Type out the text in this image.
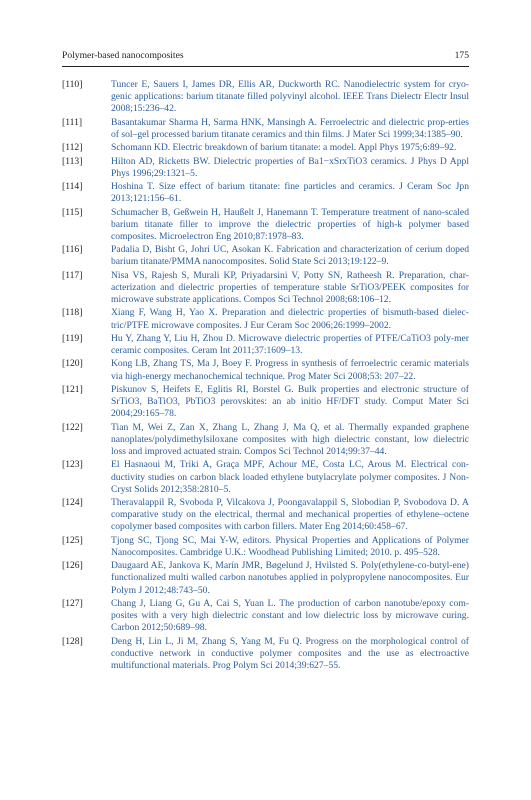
Polymer-based nanocomposites	175
[110]	Tuncer E, Sauers I, James DR, Ellis AR, Duckworth RC. Nanodielectric system for cryo-genic applications: barium titanate filled polyvinyl alcohol. IEEE Trans Dielectr Electr Insul 2008;15:236–42.
[111]	Basantakumar Sharma H, Sarma HNK, Mansingh A. Ferroelectric and dielectric prop-erties of sol–gel processed barium titanate ceramics and thin films. J Mater Sci 1999;34:1385–90.
[112]	Schomann KD. Electric breakdown of barium titanate: a model. Appl Phys 1975;6:89–92.
[113]	Hilton AD, Ricketts BW. Dielectric properties of Ba1−xSrxTiO3 ceramics. J Phys D Appl Phys 1996;29:1321–5.
[114]	Hoshina T. Size effect of barium titanate: fine particles and ceramics. J Ceram Soc Jpn 2013;121:156–61.
[115]	Schumacher B, Geßwein H, Haußelt J, Hanemann T. Temperature treatment of nano-scaled barium titanate filler to improve the dielectric properties of high-k polymer based composites. Microelectron Eng 2010;87:1978–83.
[116]	Padalia D, Bisht G, Johri UC, Asokan K. Fabrication and characterization of cerium doped barium titanate/PMMA nanocomposites. Solid State Sci 2013;19:122–9.
[117]	Nisa VS, Rajesh S, Murali KP, Priyadarsini V, Potty SN, Ratheesh R. Preparation, char-acterization and dielectric properties of temperature stable SrTiO3/PEEK composites for microwave substrate applications. Compos Sci Technol 2008;68:106–12.
[118]	Xiang F, Wang H, Yao X. Preparation and dielectric properties of bismuth-based dielec-tric/PTFE microwave composites. J Eur Ceram Soc 2006;26:1999–2002.
[119]	Hu Y, Zhang Y, Liu H, Zhou D. Microwave dielectric properties of PTFE/CaTiO3 poly-mer ceramic composites. Ceram Int 2011;37:1609–13.
[120]	Kong LB, Zhang TS, Ma J, Boey F. Progress in synthesis of ferroelectric ceramic materials via high-energy mechanochemical technique. Prog Mater Sci 2008;53: 207–22.
[121]	Piskunov S, Heifets E, Eglitis RI, Borstel G. Bulk properties and electronic structure of SrTiO3, BaTiO3, PbTiO3 perovskites: an ab initio HF/DFT study. Comput Mater Sci 2004;29:165–78.
[122]	Tian M, Wei Z, Zan X, Zhang L, Zhang J, Ma Q, et al. Thermally expanded graphene nanoplates/polydimethylsiloxane composites with high dielectric constant, low dielectric loss and improved actuated strain. Compos Sci Technol 2014;99:37–44.
[123]	El Hasnaoui M, Triki A, Graça MPF, Achour ME, Costa LC, Arous M. Electrical con-ductivity studies on carbon black loaded ethylene butylacrylate polymer composites. J Non-Cryst Solids 2012;358:2810–5.
[124]	Theravalappil R, Svoboda P, Vilcakova J, Poongavalappil S, Slobodian P, Svobodova D. A comparative study on the electrical, thermal and mechanical properties of ethylene–octene copolymer based composites with carbon fillers. Mater Eng 2014;60:458–67.
[125]	Tjong SC, Tjong SC, Mai Y-W, editors. Physical Properties and Applications of Polymer Nanocomposites. Cambridge U.K.: Woodhead Publishing Limited; 2010. p. 495–528.
[126]	Daugaard AE, Jankova K, Marín JMR, Bøgelund J, Hvilsted S. Poly(ethylene-co-butyl-ene) functionalized multi walled carbon nanotubes applied in polypropylene nanocomposites. Eur Polym J 2012;48:743–50.
[127]	Chang J, Liang G, Gu A, Cai S, Yuan L. The production of carbon nanotube/epoxy com-posites with a very high dielectric constant and low dielectric loss by microwave curing. Carbon 2012;50:689–98.
[128]	Deng H, Lin L, Ji M, Zhang S, Yang M, Fu Q. Progress on the morphological control of conductive network in conductive polymer composites and the use as electroactive multifunctional materials. Prog Polym Sci 2014;39:627–55.
